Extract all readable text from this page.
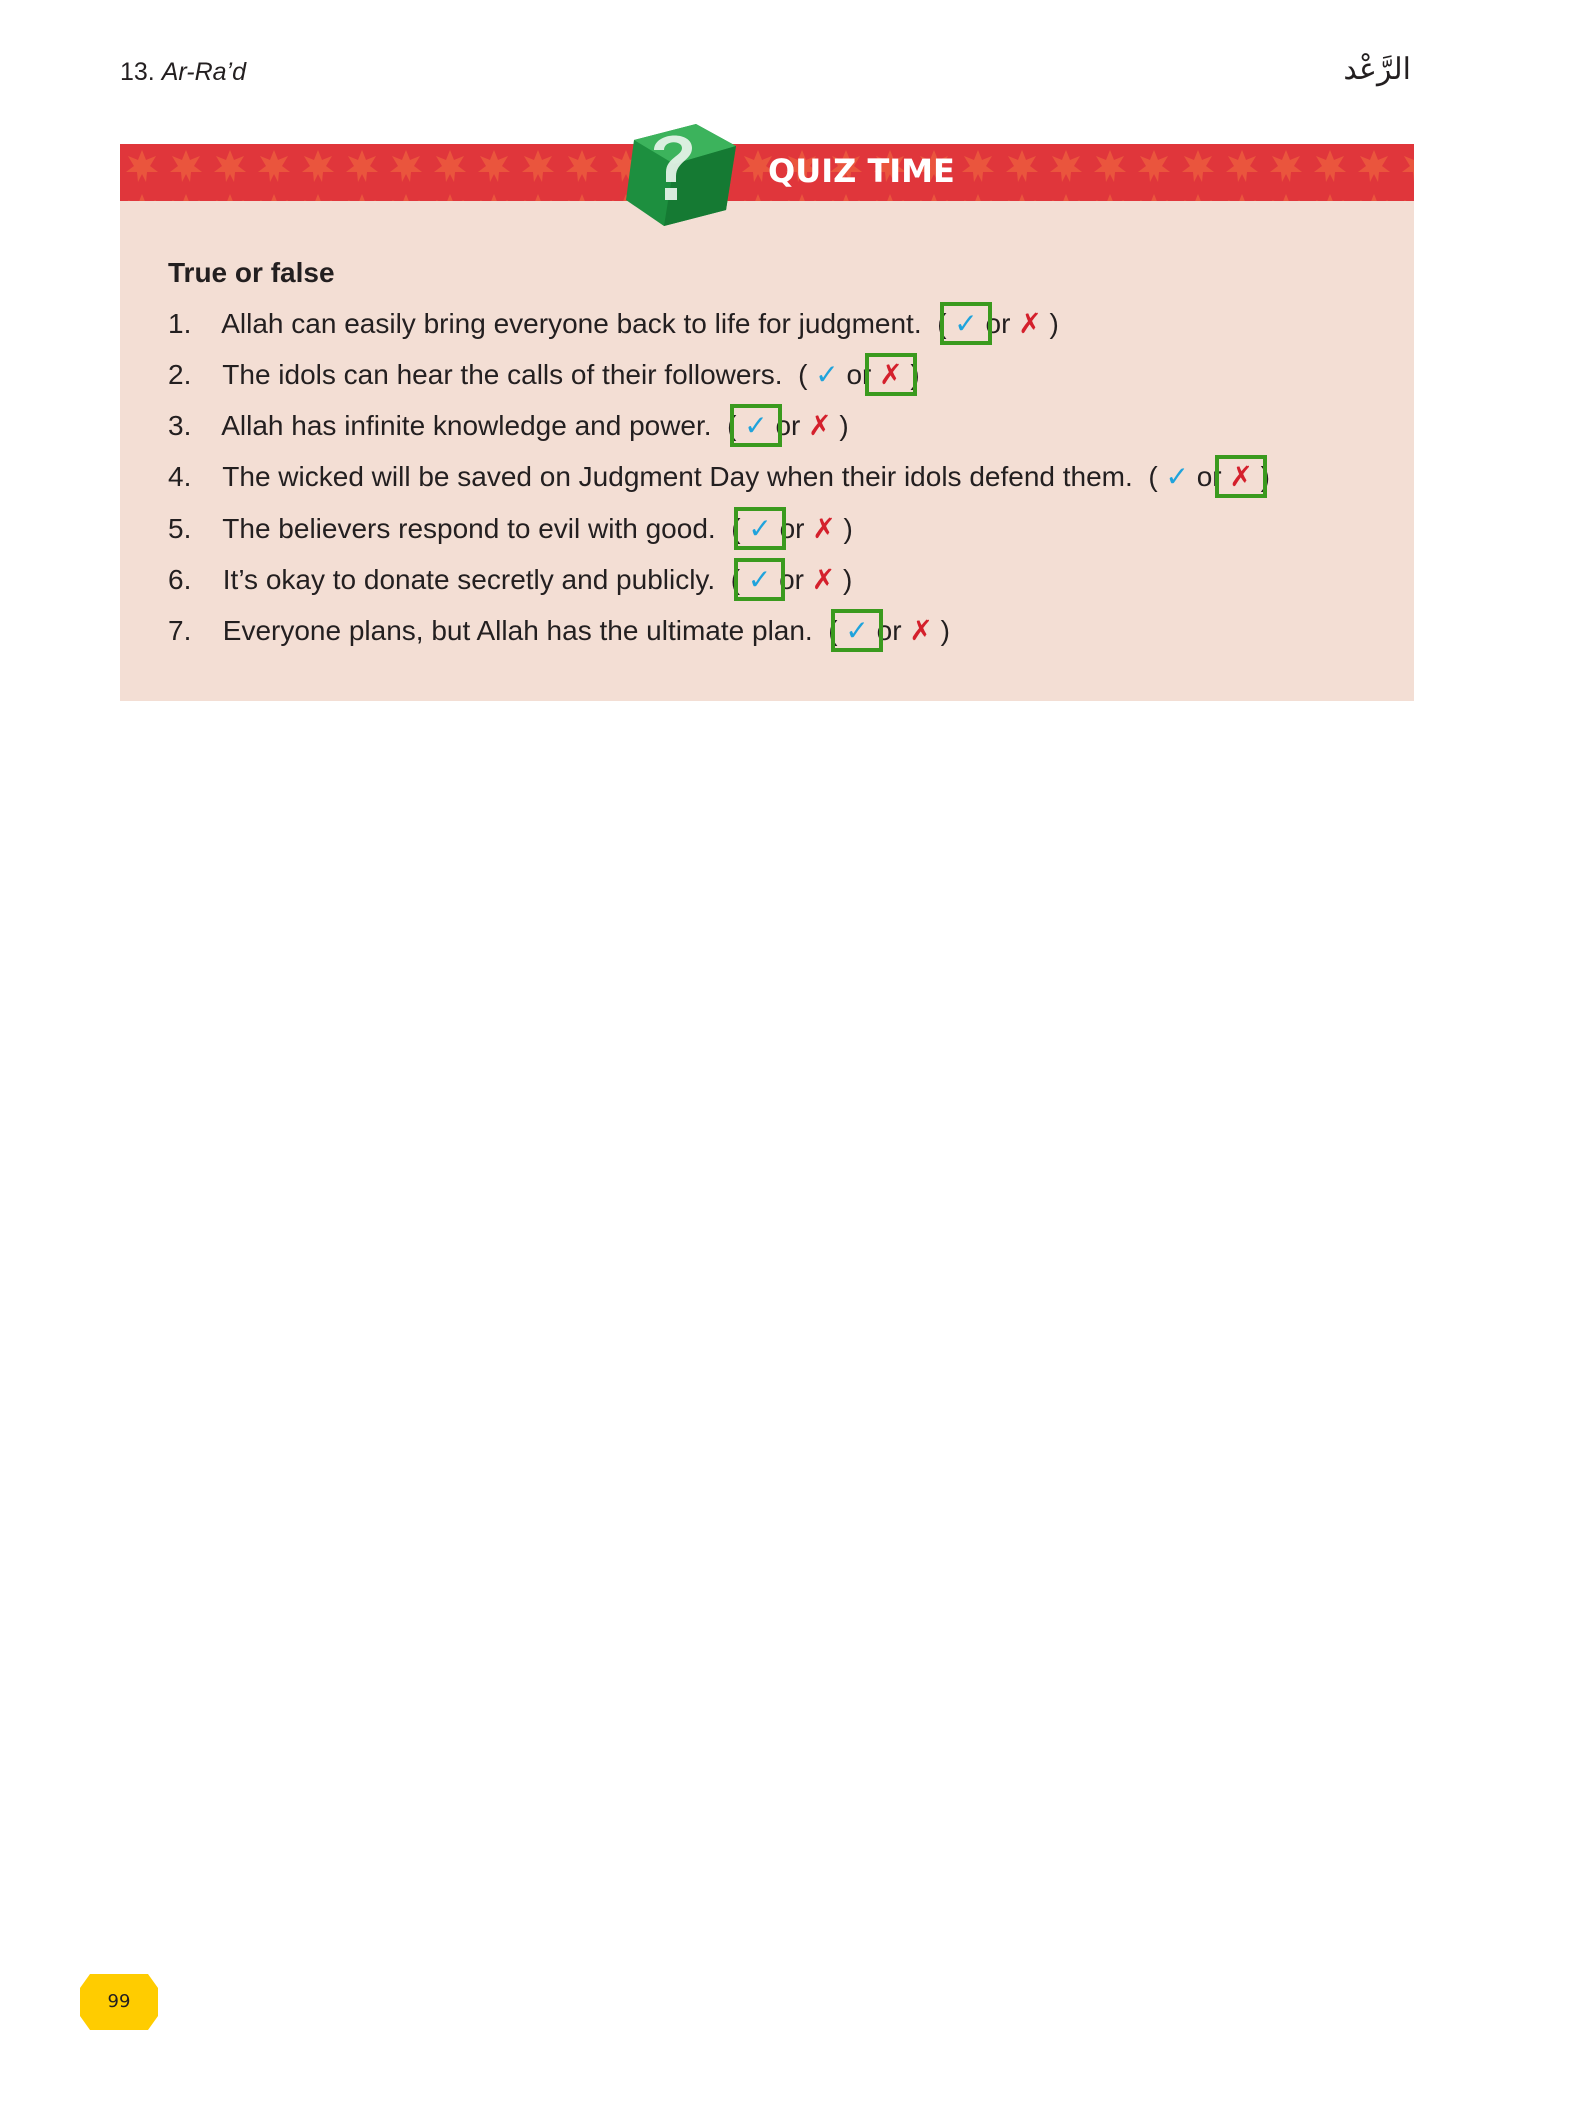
13. Ar-Ra’d	الرَّعْد
QUIZ TIME
True or false
1. Allah can easily bring everyone back to life for judgment. ( ✓ or ✗ )
2. The idols can hear the calls of their followers. ( ✓ or ✗ )
3. Allah has infinite knowledge and power. ( ✓ or ✗ )
4. The wicked will be saved on Judgment Day when their idols defend them. ( ✓ or ✗ )
5. The believers respond to evil with good. ( ✓ or ✗ )
6. It’s okay to donate secretly and publicly. ( ✓ or ✗ )
7. Everyone plans, but Allah has the ultimate plan. ( ✓ or ✗ )
99
